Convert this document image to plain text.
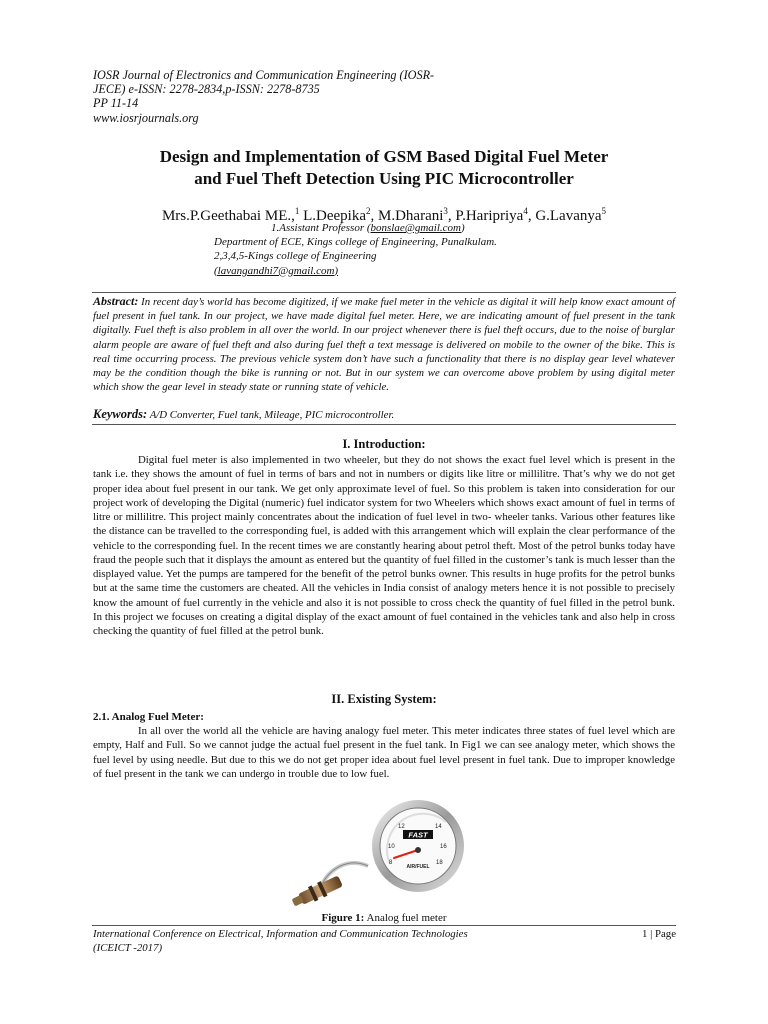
IOSR Journal of Electronics and Communication Engineering (IOSR-
JECE) e-ISSN: 2278-2834,p-ISSN: 2278-8735
PP 11-14
www.iosrjournals.org
Design and Implementation of GSM Based Digital Fuel Meter
and Fuel Theft Detection Using PIC Microcontroller
Mrs.P.Geethabai ME.,$^1$ L.Deepika$^2$, M.Dharani$^3$, P.Haripriya$^4$, G.Lavanya$^5$
1.Assistant Professor (bonslae@gmail.com)
Department of ECE, Kings college of Engineering, Punalkulam.
2,3,4,5-Kings college of Engineering
(lavangandhi7@gmail.com)
Abstract: In recent day’s world has become digitized, if we make fuel meter in the vehicle as digital it will help know exact amount of fuel present in fuel tank. In our project, we have made digital fuel meter. Here, we are indicating amount of fuel present in the tank digitally. Fuel theft is also problem in all over the world. In our project whenever there is fuel theft occurs, due to the noise of burglar alarm people are aware of fuel theft and also during fuel theft a text message is delivered on mobile to the owner of the bike. This is real time occurring process. The previous vehicle system don’t have such a functionality that there is no display gear level whatever may be the condition though the bike is running or not. But in our system we can overcome above problem by using digital meter which show the gear level in steady state or running state of vehicle.
Keywords: A/D Converter, Fuel tank, Mileage, PIC microcontroller.
I. Introduction:
Digital fuel meter is also implemented in two wheeler, but they do not shows the exact fuel level which is present in the tank i.e. they shows the amount of fuel in terms of bars and not in numbers or digits like litre or millilitre. That’s why we do not get proper idea about fuel present in our tank. We get only approximate level of fuel. So this problem is taken into consideration for our project work of developing the Digital (numeric) fuel indicator system for two Wheelers which shows exact amount of fuel in terms of litre or millilitre. This project mainly concentrates about the indication of fuel level in two- wheeler tanks. Various other features like the distance can be travelled to the corresponding fuel, is added with this arrangement which will explain the clear performance of the vehicle to the corresponding fuel. In the recent times we are constantly hearing about petrol theft. Most of the petrol bunks today have fraud the people such that it displays the amount as entered but the quantity of fuel filled in the customer’s tank is much lesser than the displayed value. Yet the pumps are tampered for the benefit of the petrol bunks owner. This results in huge profits for the petrol bunks but at the same time the customers are cheated. All the vehicles in India consist of analogy meters hence it is not possible to precisely know the amount of fuel currently in the vehicle and also it is not possible to cross check the quantity of fuel filled in the petrol bunk. In this project we focuses on creating a digital display of the exact amount of fuel contained in the vehicles tank and also help in cross checking the quantity of fuel filled at the petrol bunk.
II. Existing System:
2.1. Analog Fuel Meter:
In all over the world all the vehicle are having analogy fuel meter. This meter indicates three states of fuel level which are empty, Half and Full. So we cannot judge the actual fuel present in the fuel tank. In Fig1 we can see analogy meter, which shows the fuel level by using needle. But due to this we do not get proper idea about fuel level present in fuel tank. Due to improper knowledge of fuel present in the tank we can undergo in trouble due to low fuel.
FAST
8
10
12	14
16
18
AIR/FUEL
Figure 1: Analog fuel meter
International Conference on Electrical, Information and Communication Technologies
(ICEICT -2017)
1 | Page
